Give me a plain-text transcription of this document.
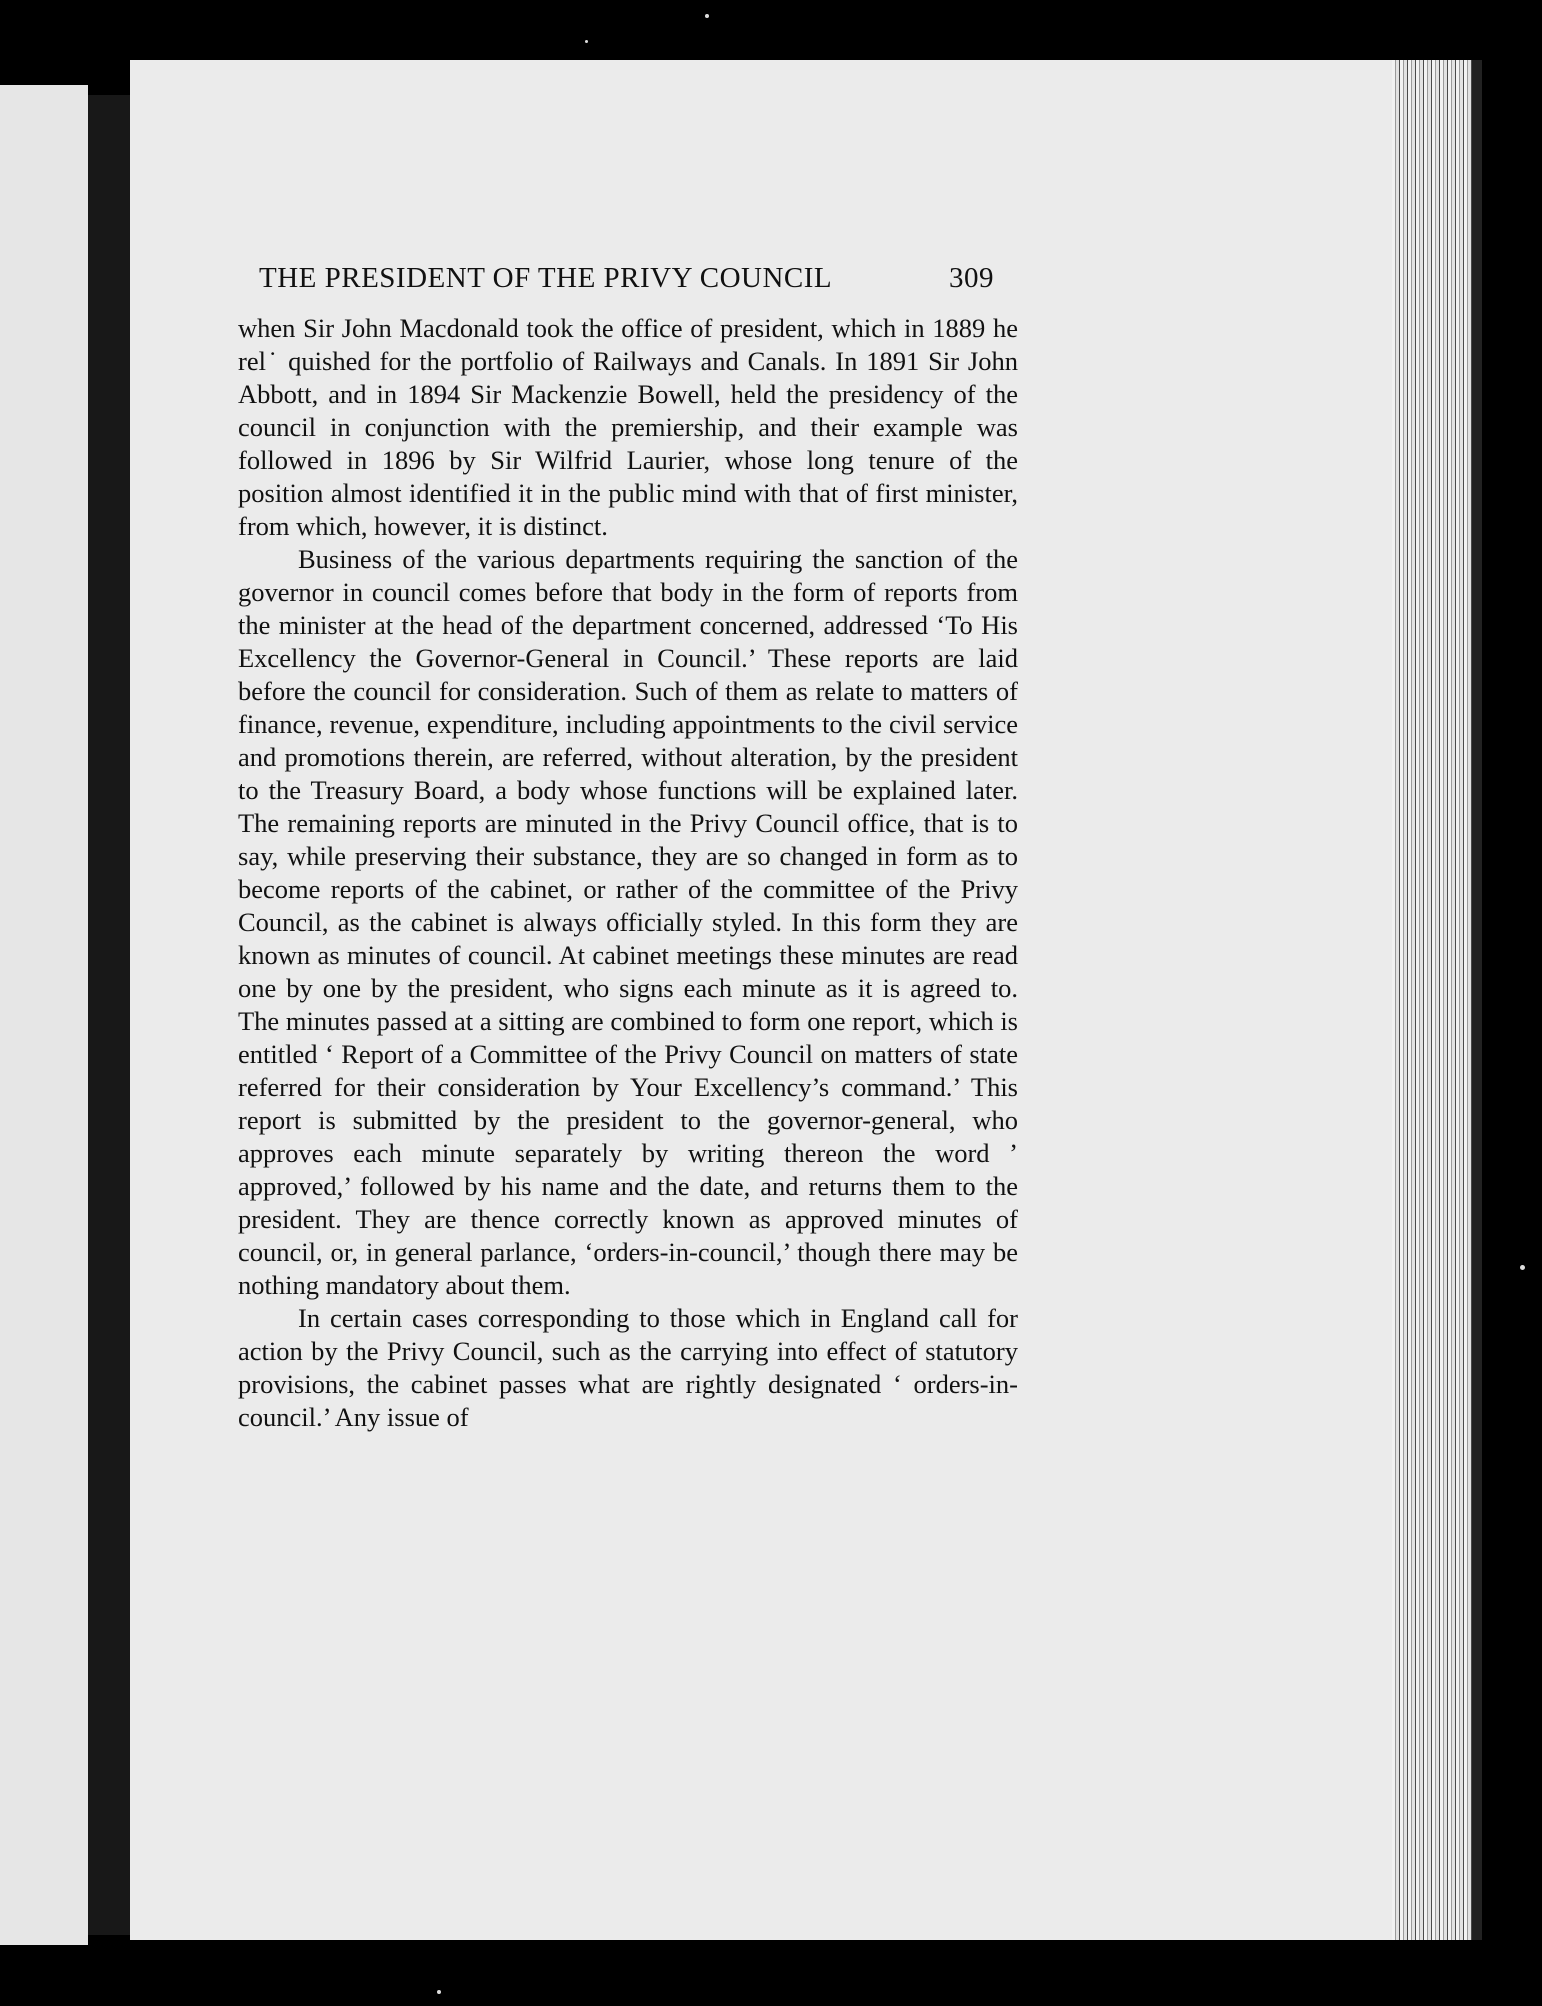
THE PRESIDENT OF THE PRIVY COUNCIL	309

when Sir John Macdonald took the office of president, which in 1889 he rel˙ quished for the portfolio of Railways and Canals. In 1891 Sir John Abbott, and in 1894 Sir Mackenzie Bowell, held the presidency of the council in conjunction with the premiership, and their example was followed in 1896 by Sir Wilfrid Laurier, whose long tenure of the position almost identified it in the public mind with that of first minister, from which, however, it is distinct.

Business of the various departments requiring the sanction of the governor in council comes before that body in the form of reports from the minister at the head of the department concerned, addressed ‘To His Excellency the Governor-General in Council.’ These reports are laid before the council for consideration. Such of them as relate to matters of finance, revenue, expenditure, including appointments to the civil service and promotions therein, are referred, without alteration, by the president to the Treasury Board, a body whose functions will be explained later. The remaining reports are minuted in the Privy Council office, that is to say, while preserving their substance, they are so changed in form as to become reports of the cabinet, or rather of the committee of the Privy Council, as the cabinet is always officially styled. In this form they are known as minutes of council. At cabinet meetings these minutes are read one by one by the president, who signs each minute as it is agreed to. The minutes passed at a sitting are combined to form one report, which is entitled ‘ Report of a Committee of the Privy Council on matters of state referred for their consideration by Your Excellency’s command.’ This report is submitted by the president to the governor-general, who approves each minute separately by writing thereon the word ’ approved,’ followed by his name and the date, and returns them to the president. They are thence correctly known as approved minutes of council, or, in general parlance, ‘orders-in-council,’ though there may be nothing mandatory about them.

In certain cases corresponding to those which in England call for action by the Privy Council, such as the carrying into effect of statutory provisions, the cabinet passes what are rightly designated ‘ orders-in-council.’ Any issue of
